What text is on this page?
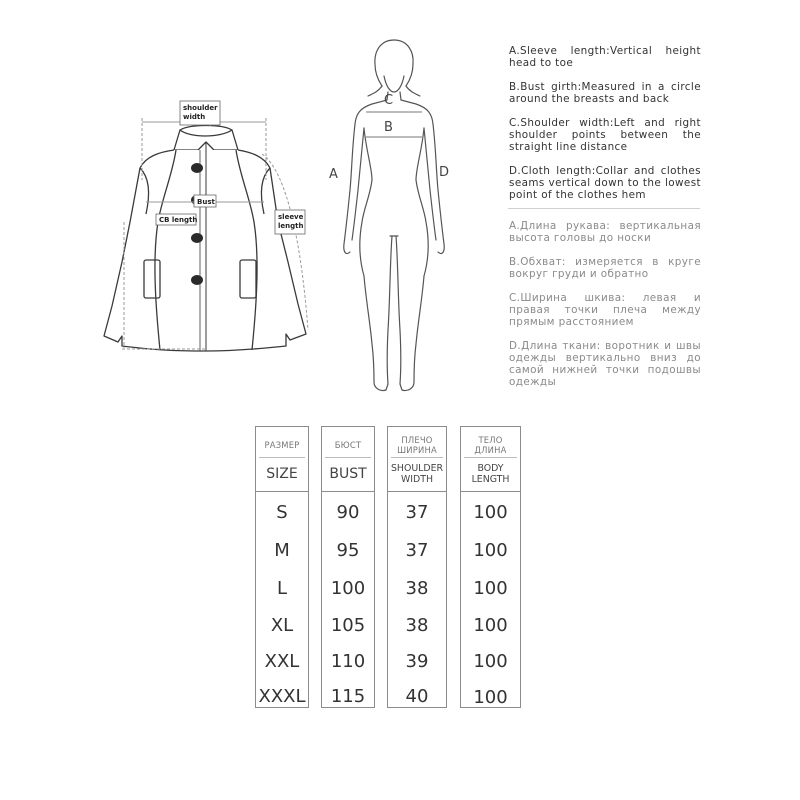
shoulder width
Bust
CB length	sleeve length
C
B
A	D
A.Sleeve length:Vertical height head to toe
B.Bust girth:Measured in a circle around the breasts and back
C.Shoulder width:Left and right shoulder points between the straight line distance
D.Cloth length:Collar and clothes seams vertical down to the lowest point of the clothes hem
A.Длина рукава: вертикальная высота головы до носки
B.Обхват: измеряется в круге вокруг груди и обратно
C.Ширина шкива: левая и правая точки плеча между прямым расстоянием
D.Длина ткани: воротник и швы одежды вертикально вниз до самой нижней точки подошвы одежды
РАЗМЕР
SIZE
S
M
L
XL
XXL
XXXL
БЮСТ
BUST
90
95
100
105
110
115
ПЛЕЧО
ШИРИНА
SHOULDER
WIDTH
37
37
38
38
39
40
ТЕЛО
ДЛИНА
BODY
LENGTH
100
100
100
100
100
100
